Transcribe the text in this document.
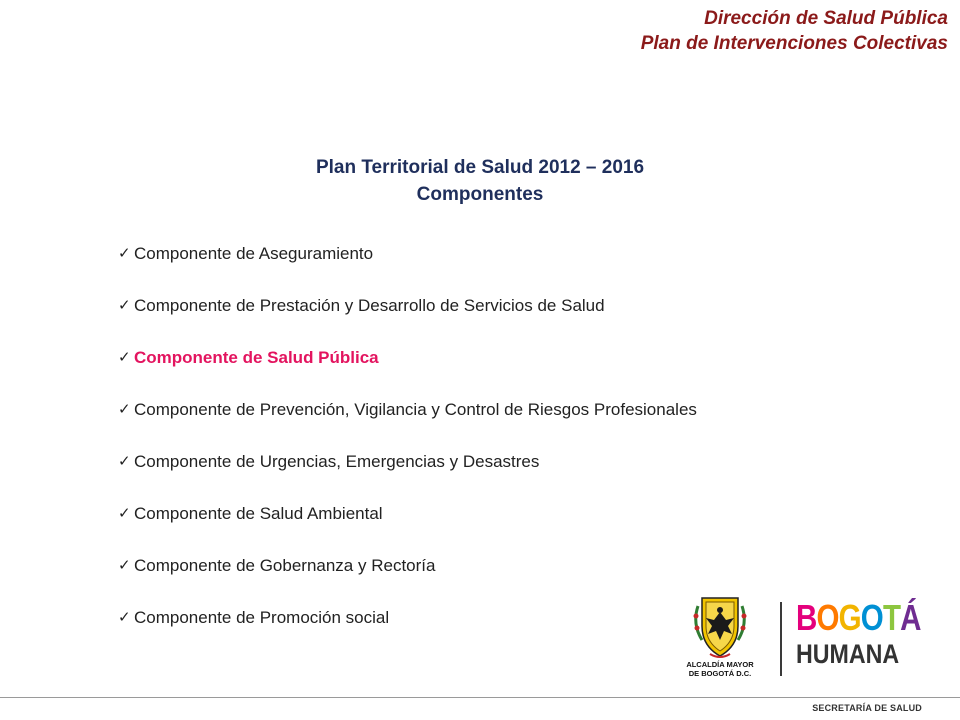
Dirección de Salud Pública
Plan de Intervenciones Colectivas
Plan Territorial de Salud 2012 – 2016
Componentes
✓ Componente de Aseguramiento
✓ Componente de Prestación y Desarrollo de Servicios de Salud
✓ Componente de Salud Pública
✓ Componente de Prevención, Vigilancia y Control de Riesgos Profesionales
✓ Componente de Urgencias, Emergencias y Desastres
✓ Componente de Salud Ambiental
✓ Componente de Gobernanza y Rectoría
✓ Componente de Promoción social
ALCALDÍA MAYOR
DE BOGOTÁ D.C.
BOGOTÁ
HUMANA
SECRETARÍA DE SALUD
